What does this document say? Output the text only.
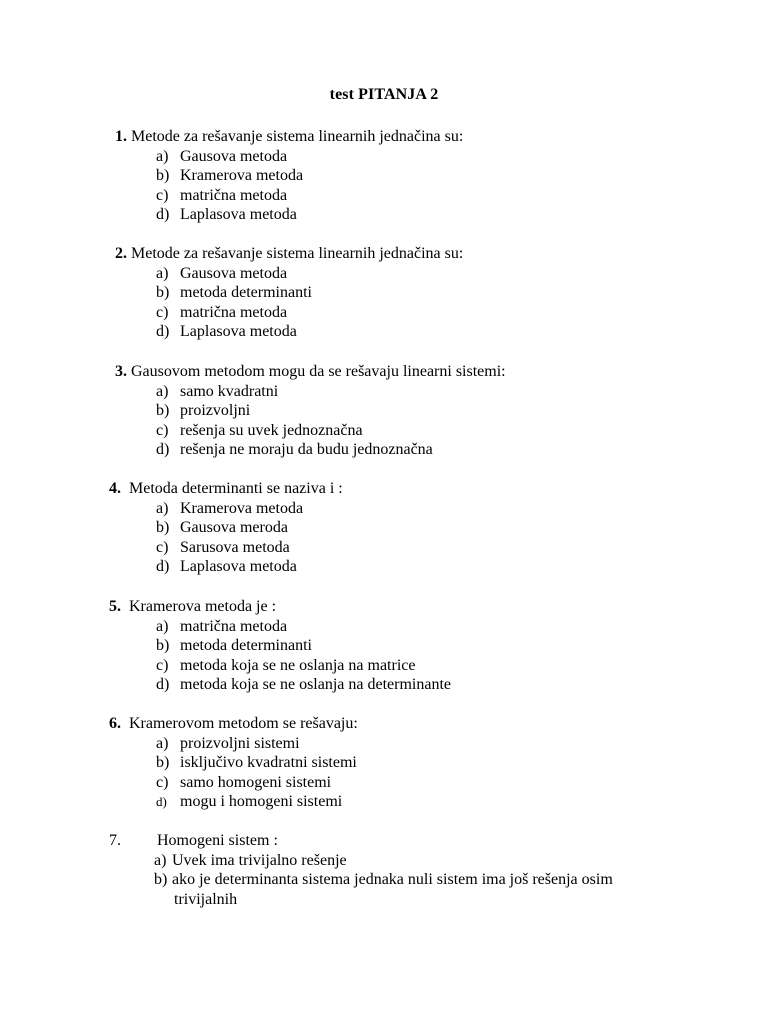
test PITANJA 2
1. Metode za rešavanje sistema linearnih jednačina su:
a) Gausova metoda
b) Kramerova metoda
c) matrična metoda
d) Laplasova metoda
2. Metode za rešavanje sistema linearnih jednačina su:
a) Gausova metoda
b) metoda determinanti
c) matrična metoda
d) Laplasova metoda
3. Gausovom metodom mogu da se rešavaju linearni sistemi:
a) samo kvadratni
b) proizvoljni
c) rešenja su uvek jednoznačna
d) rešenja ne moraju da budu jednoznačna
4. Metoda determinanti se naziva i :
a) Kramerova metoda
b) Gausova meroda
c) Sarusova metoda
d) Laplasova metoda
5. Kramerova metoda je :
a) matrična metoda
b) metoda determinanti
c) metoda koja se ne oslanja na matrice
d) metoda koja se ne oslanja na determinante
6. Kramerovom metodom se rešavaju:
a) proizvoljni sistemi
b) isključivo kvadratni sistemi
c) samo homogeni sistemi
d) mogu i homogeni sistemi
7. Homogeni sistem :
a) Uvek ima trivijalno rešenje
b) ako je determinanta sistema jednaka nuli sistem ima još rešenja osim
trivijalnih
